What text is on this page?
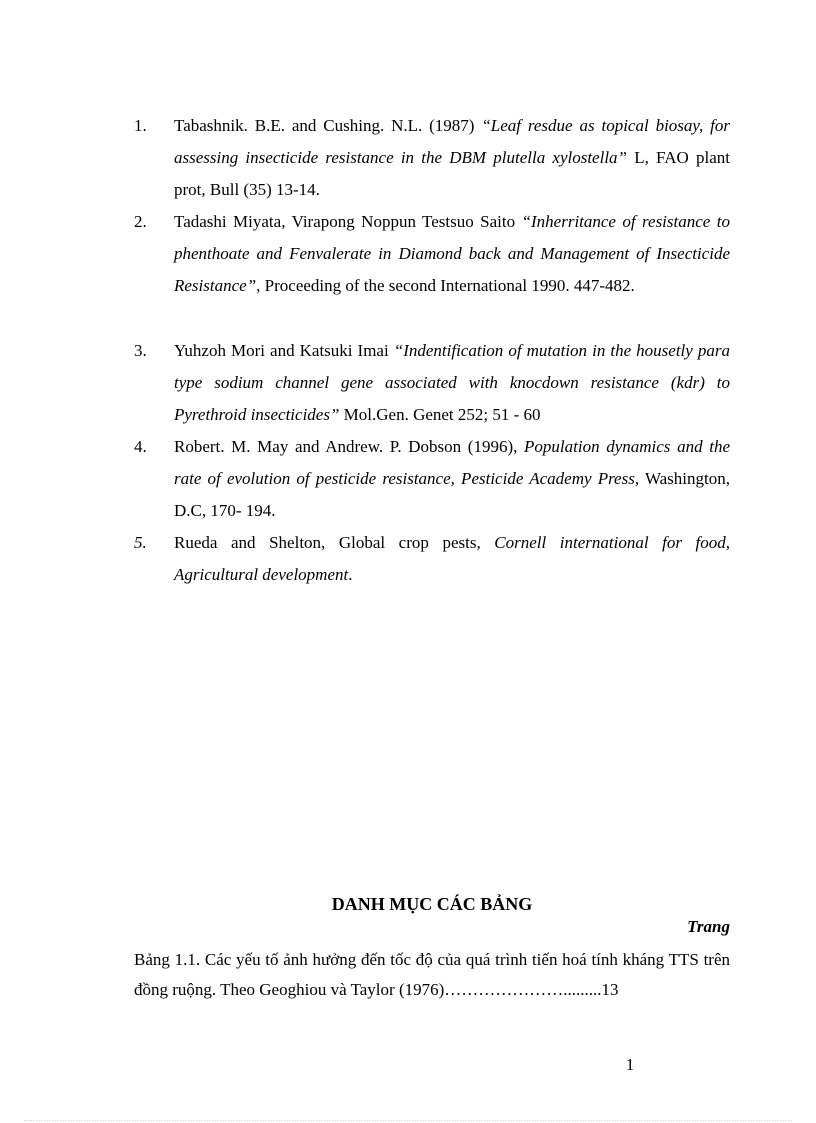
1. Tabashnik. B.E. and Cushing. N.L. (1987) “Leaf resdue as topical biosay, for assessing insecticide resistance in the DBM plutella xylostella” L, FAO plant prot, Bull (35) 13-14.
2. Tadashi Miyata, Virapong Noppun Testsuo Saito “Inherritance of resistance to phenthoate and Fenvalerate in Diamond back and Management of Insecticide Resistance”, Proceeding of the second International 1990. 447-482.
3. Yuhzoh Mori and Katsuki Imai “Indentification of mutation in the housetly para type sodium channel gene associated with knocdown resistance (kdr) to Pyrethroid insecticides” Mol.Gen. Genet 252; 51 - 60
4. Robert. M. May and Andrew. P. Dobson (1996), Population dynamics and the rate of evolution of pesticide resistance, Pesticide Academy Press, Washington, D.C, 170- 194.
5. Rueda and Shelton, Global crop pests, Cornell international for food, Agricultural development.
DANH MỤC CÁC BẢNG
Trang
Bảng 1.1. Các yếu tố ảnh hưởng đến tốc độ của quá trình tiến hoá tính kháng TTS trên đồng ruộng. Theo Geoghiou và Taylor (1976)………………….........13
1
